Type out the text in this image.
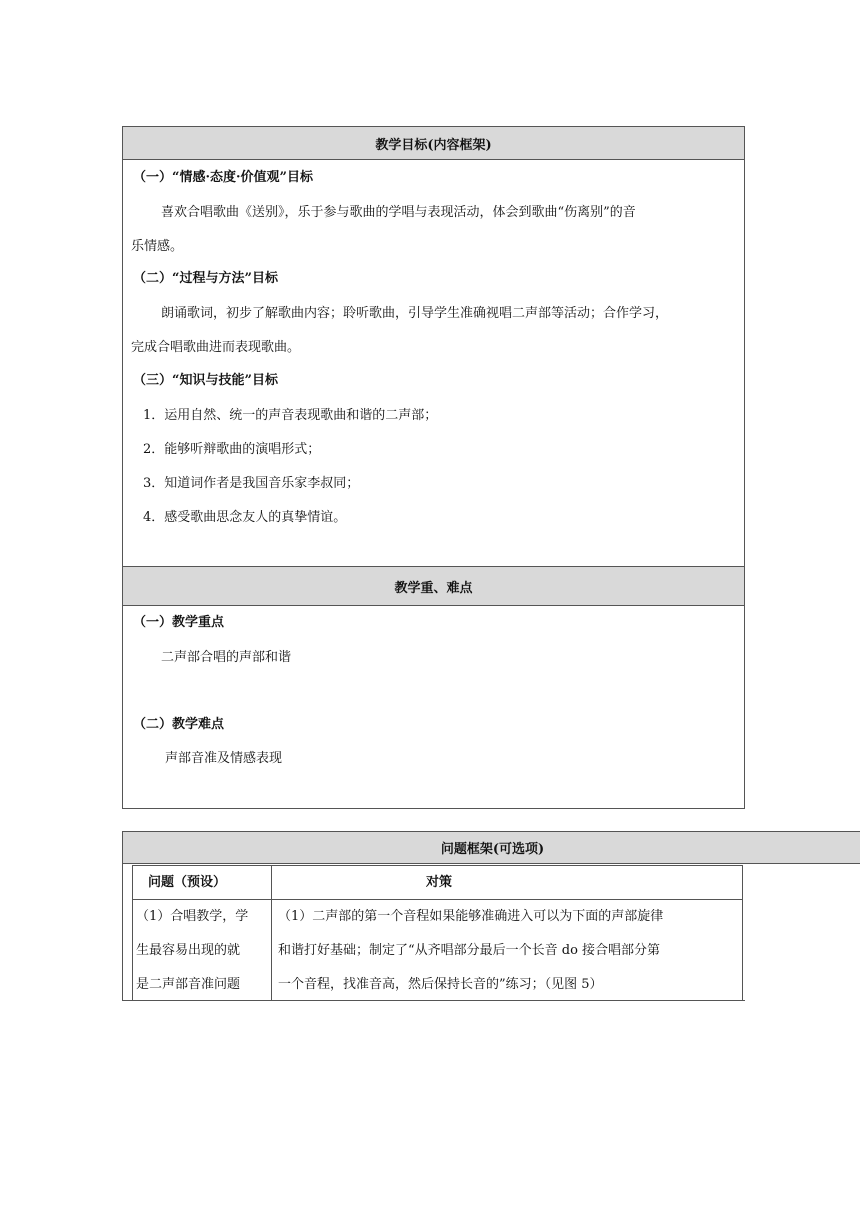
教学目标(内容框架)
（一）“情感·态度·价值观”目标
喜欢合唱歌曲《送别》，乐于参与歌曲的学唱与表现活动，体会到歌曲“伤离别”的音
乐情感。
（二）“过程与方法”目标
朗诵歌词，初步了解歌曲内容；聆听歌曲，引导学生准确视唱二声部等活动；合作学习，
完成合唱歌曲进而表现歌曲。
（三）“知识与技能”目标
1．运用自然、统一的声音表现歌曲和谐的二声部；
2．能够听辩歌曲的演唱形式；
3．知道词作者是我国音乐家李叔同；
4．感受歌曲思念友人的真挚情谊。
教学重、难点
（一）教学重点
二声部合唱的声部和谐
（二）教学难点
声部音准及情感表现
问题框架(可选项)
问题（预设）	对策
（1）合唱教学，学
生最容易出现的就
是二声部音准问题
（1）二声部的第一个音程如果能够准确进入可以为下面的声部旋律
和谐打好基础；制定了“从齐唱部分最后一个长音 do 接合唱部分第
一个音程，找准音高，然后保持长音的”练习；（见图 5）
